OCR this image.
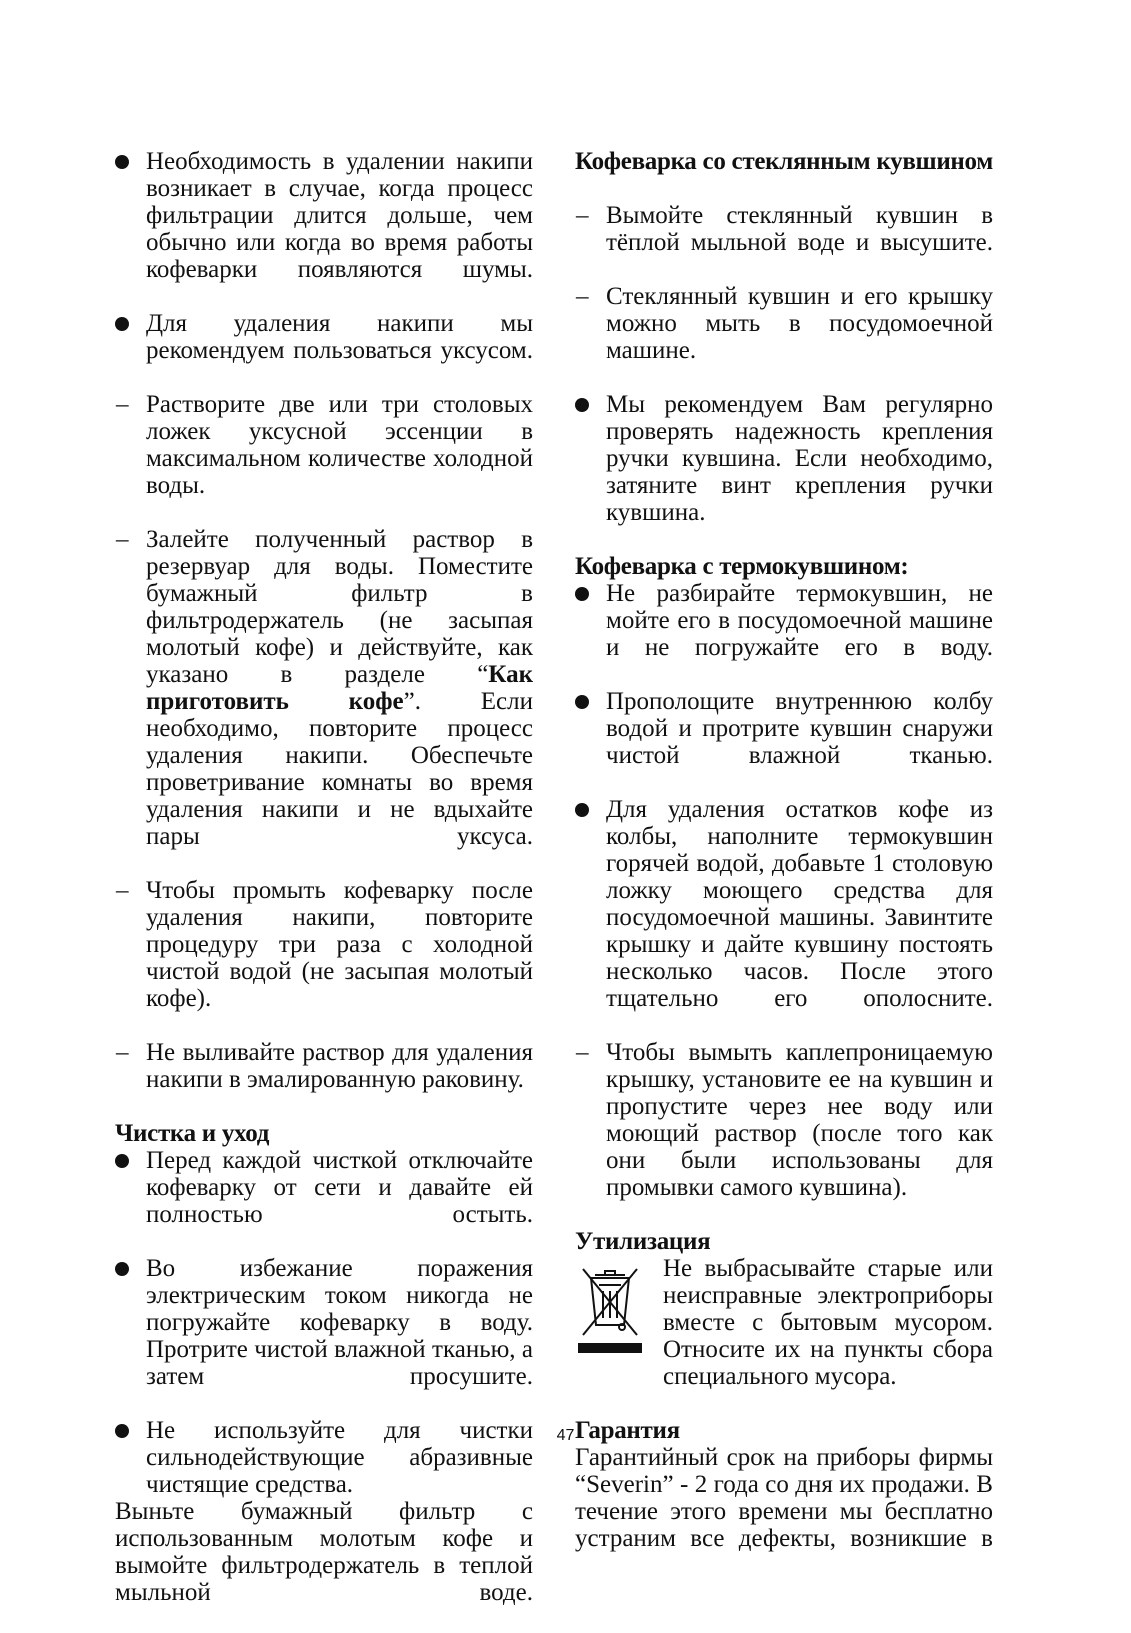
Необходимость в удалении накипи возникает в случае, когда процесс фильтрации длится дольше, чем обычно или когда во время работы кофеварки появляются шумы.
Для удаления накипи мы рекомендуем пользоваться уксусом.
Растворите две или три столовых ложек уксусной эссенции в максимальном количестве холодной воды.
Залейте полученный раствор в резервуар для воды. Поместите бумажный фильтр в фильтродержатель (не засыпая молотый кофе) и действуйте, как указано в разделе “Как приготовить кофе”. Если необходимо, повторите процесс удаления накипи. Обеспечьте проветривание комнаты во время удаления накипи и не вдыхайте пары уксуса.
Чтобы промыть кофеварку после удаления накипи, повторите процедуру три раза с холодной чистой водой (не засыпая молотый кофе).
Не выливайте раствор для удаления накипи в эмалированную раковину.
Чистка и уход
Перед каждой чисткой отключайте кофеварку от сети и давайте ей полностью остыть.
Во избежание поражения электрическим током никогда не погружайте кофеварку в воду. Протрите чистой влажной тканью, а затем просушите.
Не используйте для чистки сильнодействующие абразивные чистящие средства.
Выньте бумажный фильтр с использованным молотым кофе и вымойте фильтродержатель в теплой мыльной воде.
Кофеварка со стеклянным кувшином
Вымойте стеклянный кувшин в тёплой мыльной воде и высушите.
Стеклянный кувшин и его крышку можно мыть в посудомоечной машине.
Мы рекомендуем Вам регулярно проверять надежность крепления ручки кувшина. Если необходимо, затяните винт крепления ручки кувшина.
Кофеварка с термокувшином:
Не разбирайте термокувшин, не мойте его в посудомоечной машине и не погружайте его в воду.
Прополощите внутреннюю колбу водой и протрите кувшин снаружи чистой влажной тканью.
Для удаления остатков кофе из колбы, наполните термокувшин горячей водой, добавьте 1 столовую ложку моющего средства для посудомоечной машины. Завинтите крышку и дайте кувшину постоять несколько часов. После этого тщательно его ополосните.
Чтобы вымыть каплепроницаемую крышку, установите ее на кувшин и пропустите через нее воду или моющий раствор (после того как они были использованы для промывки самого кувшина).
Утилизация
Не выбрасывайте старые или неисправные электроприборы вместе с бытовым мусором. Относите их на пункты сбора специального мусора.
Гарантия
Гарантийный срок на приборы фирмы “Severin” - 2 года со дня их продажи. В течение этого времени мы бесплатно устраним все дефекты, возникшие в
47
